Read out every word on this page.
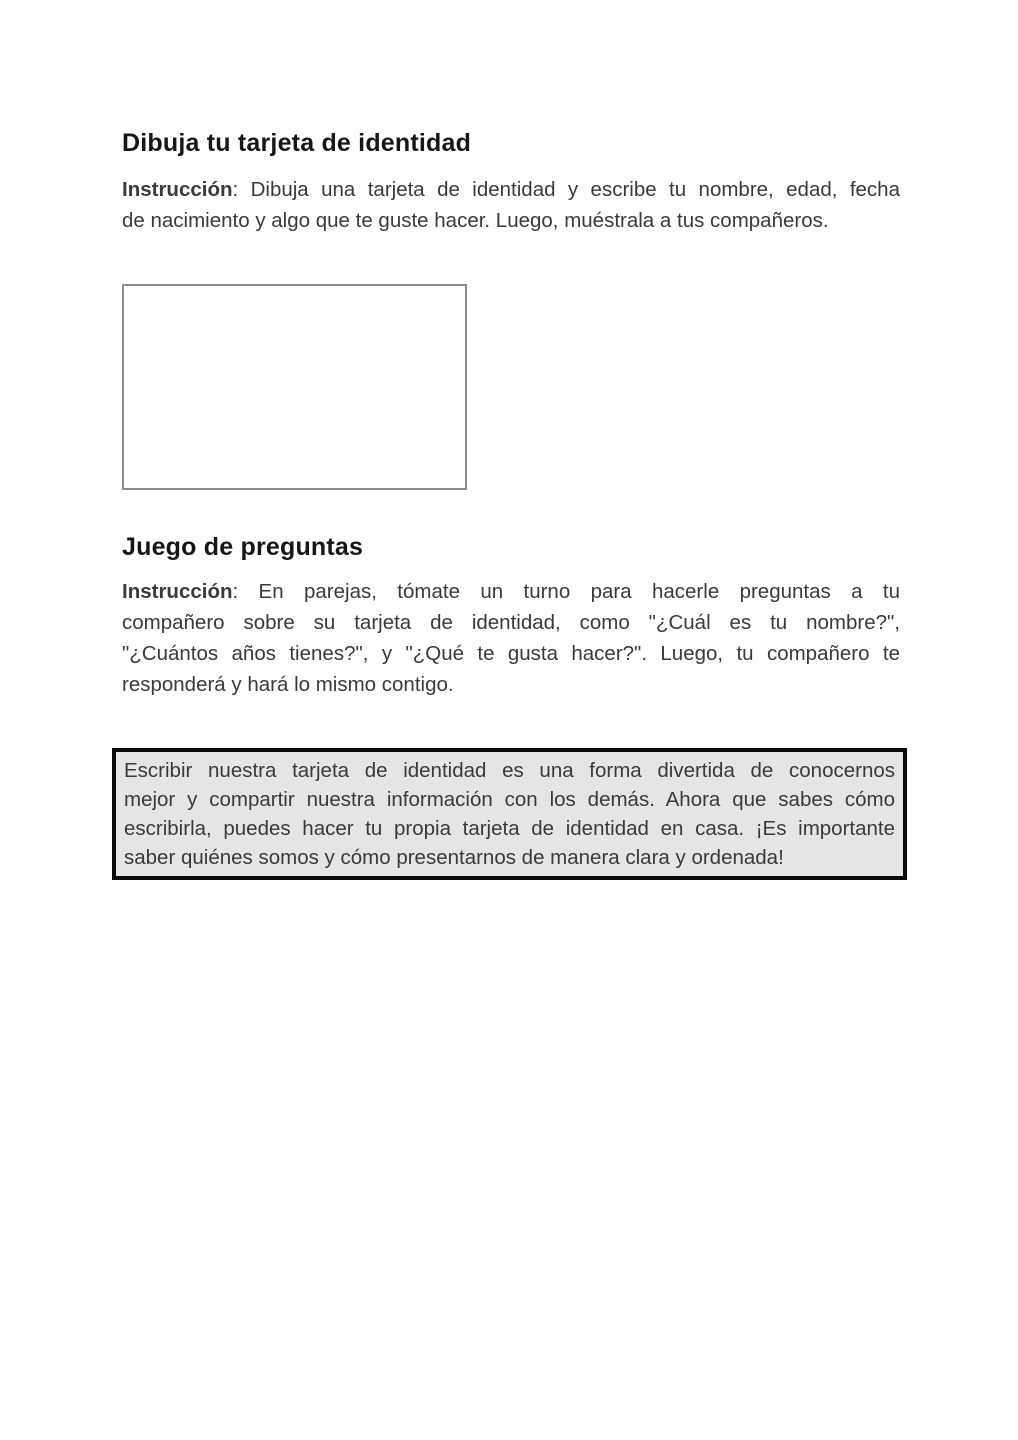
Dibuja tu tarjeta de identidad
Instrucción: Dibuja una tarjeta de identidad y escribe tu nombre, edad, fecha
de nacimiento y algo que te guste hacer. Luego, muéstrala a tus compañeros.
Juego de preguntas
Instrucción: En parejas, tómate un turno para hacerle preguntas a tu
compañero sobre su tarjeta de identidad, como "¿Cuál es tu nombre?",
"¿Cuántos años tienes?", y "¿Qué te gusta hacer?". Luego, tu compañero te
responderá y hará lo mismo contigo.
Escribir nuestra tarjeta de identidad es una forma divertida de conocernos
mejor y compartir nuestra información con los demás. Ahora que sabes cómo
escribirla, puedes hacer tu propia tarjeta de identidad en casa. ¡Es importante
saber quiénes somos y cómo presentarnos de manera clara y ordenada!
